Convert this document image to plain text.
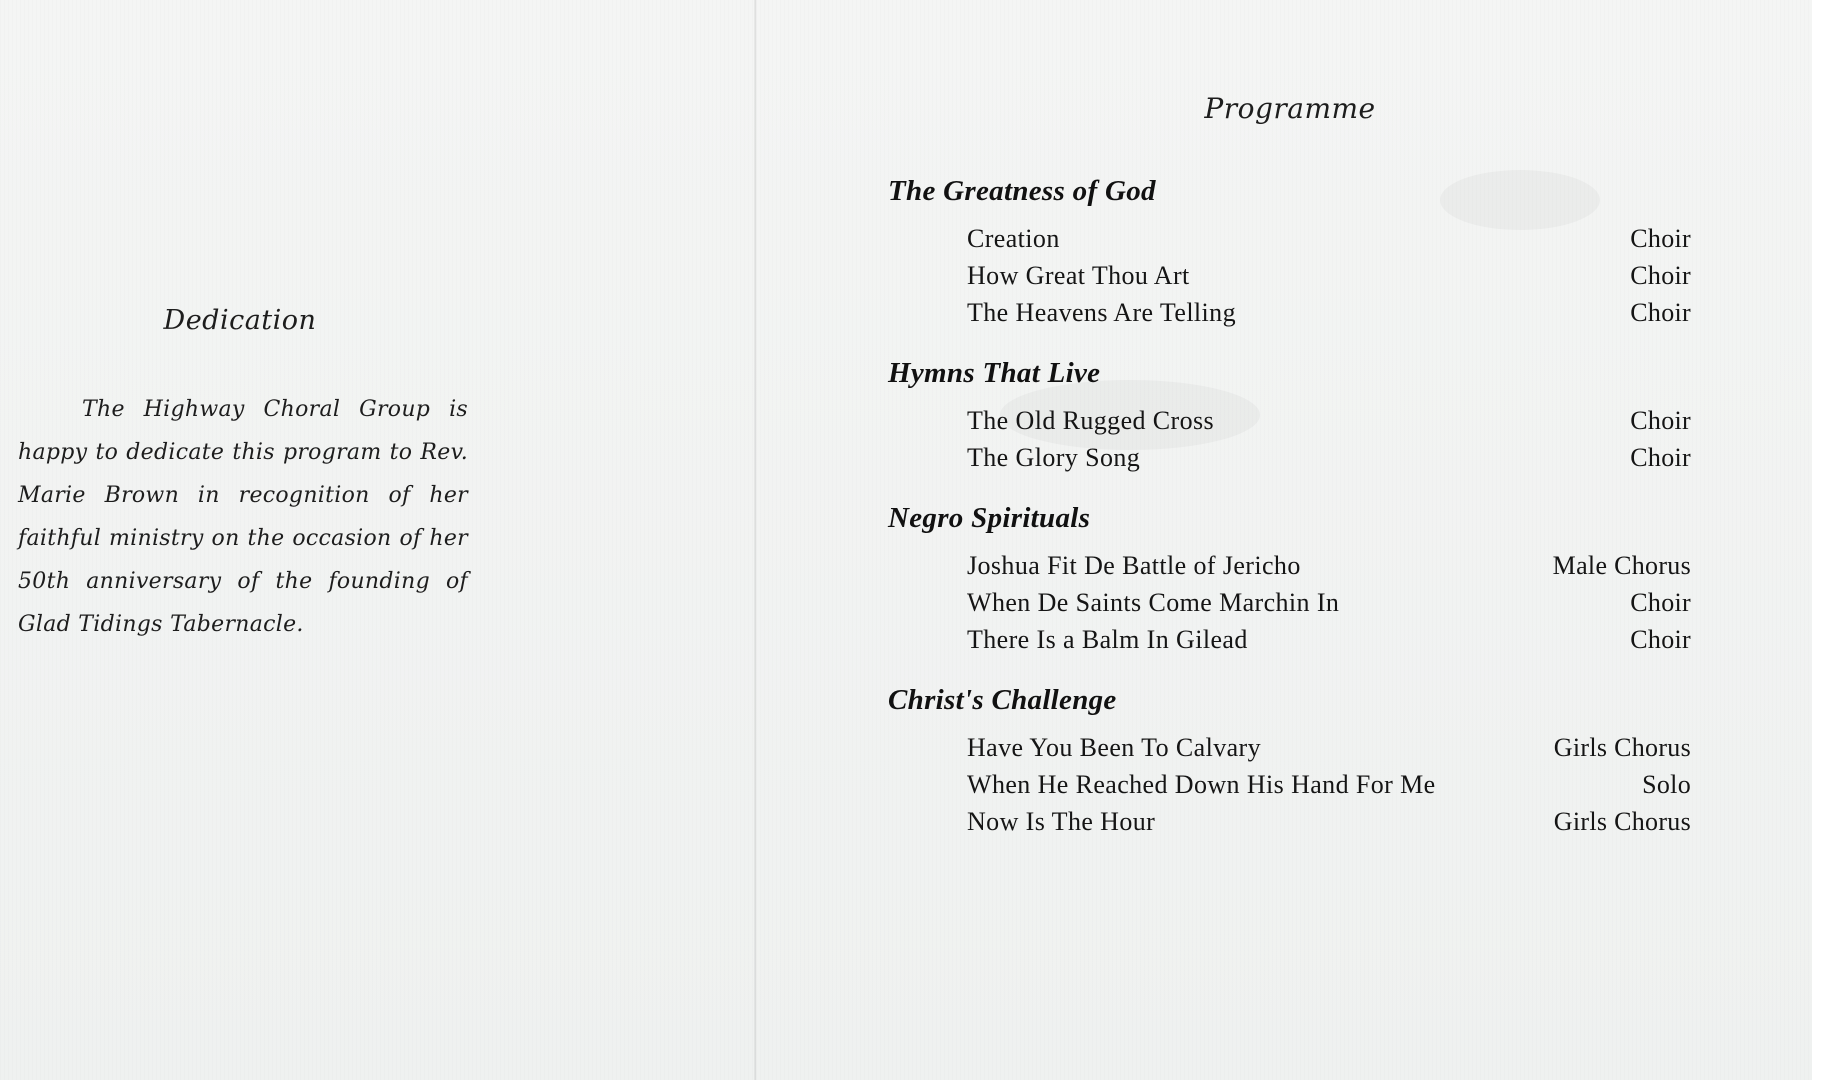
Dedication
The Highway Choral Group is happy to dedicate this program to Rev. Marie Brown in recognition of her faithful ministry on the occasion of her 50th anniversary of the founding of Glad Tidings Tabernacle.
Programme
The Greatness of God
Creation	Choir
How Great Thou Art	Choir
The Heavens Are Telling	Choir
Hymns That Live
The Old Rugged Cross	Choir
The Glory Song	Choir
Negro Spirituals
Joshua Fit De Battle of Jericho	Male Chorus
When De Saints Come Marchin In	Choir
There Is a Balm In Gilead	Choir
Christ's Challenge
Have You Been To Calvary	Girls Chorus
When He Reached Down His Hand For Me	Solo
Now Is The Hour	Girls Chorus
